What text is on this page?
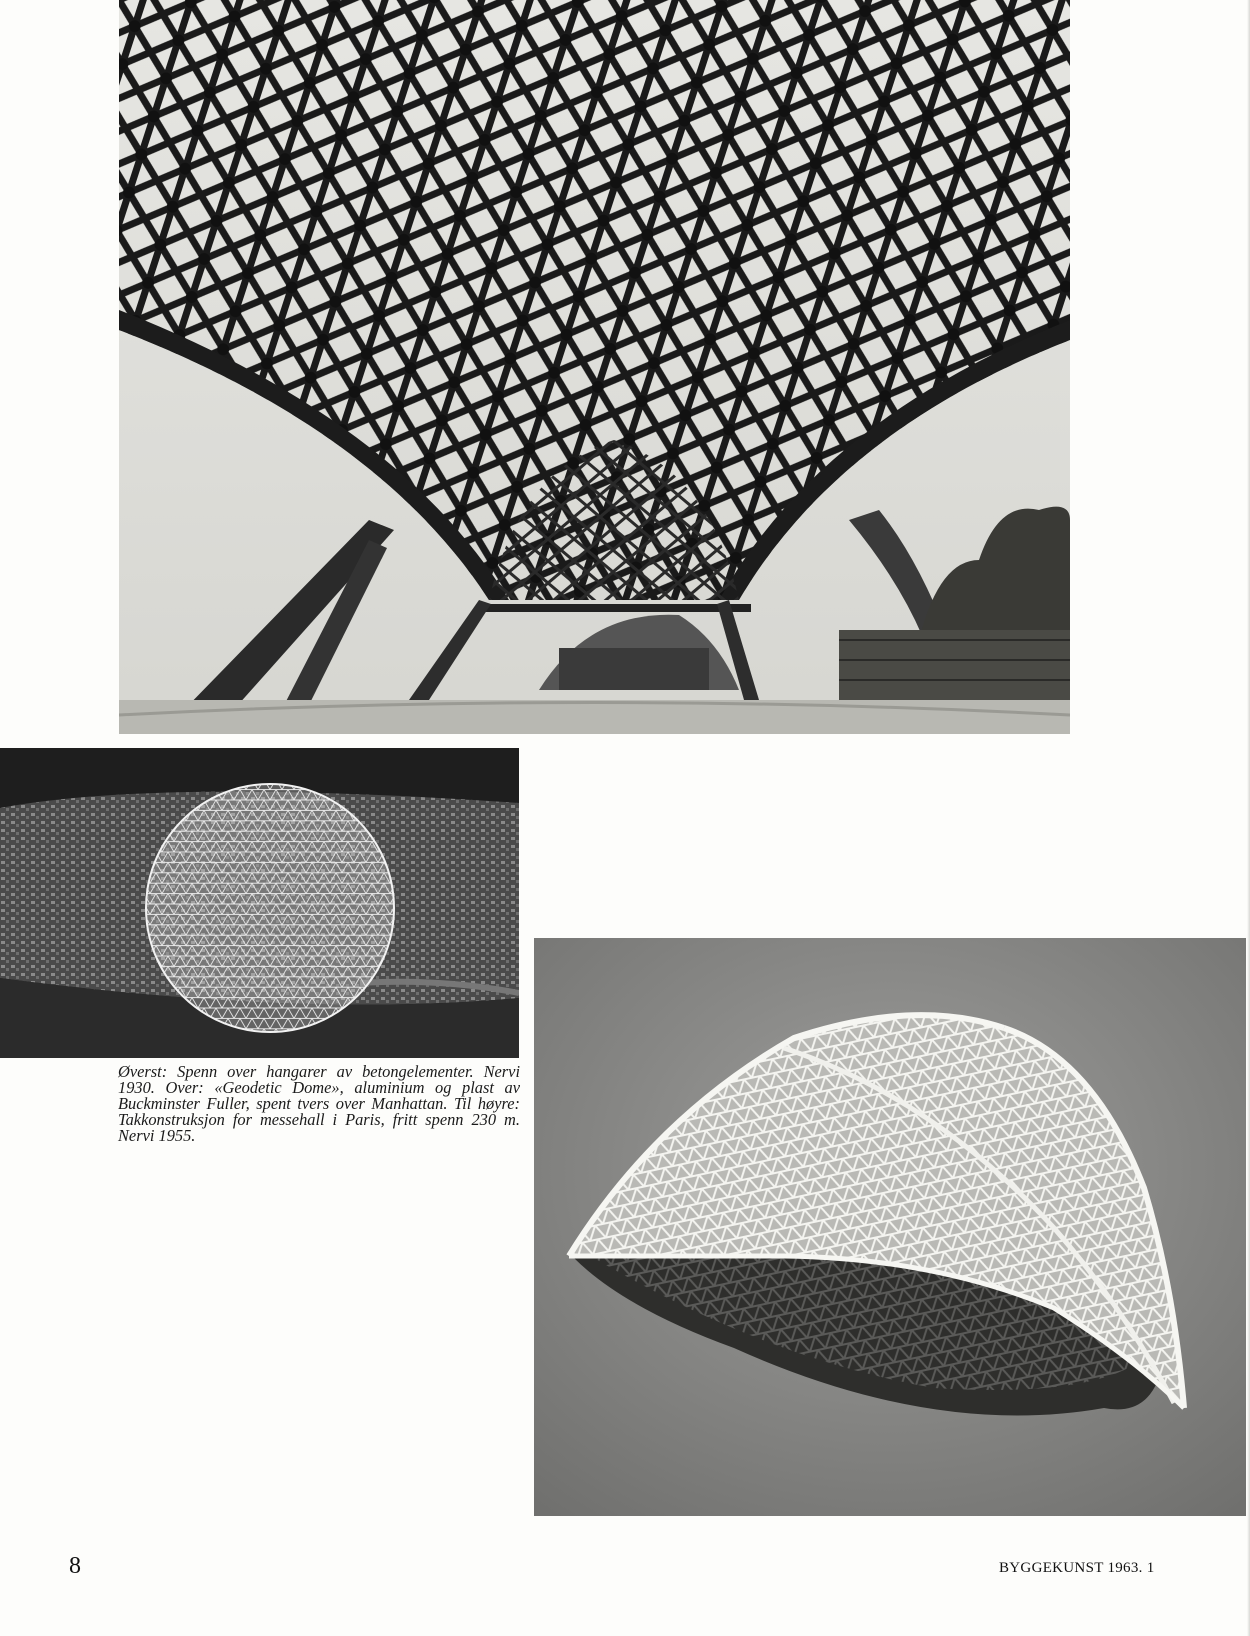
Øverst: Spenn over hangarer av betongelementer. Nervi 1930. Over: «Geodetic Dome», aluminium og plast av Buckminster Fuller, spent tvers over Manhattan. Til høyre: Takkonstruksjon for messehall i Paris, fritt spenn 230 m. Nervi 1955.

8	BYGGEKUNST 1963. 1
